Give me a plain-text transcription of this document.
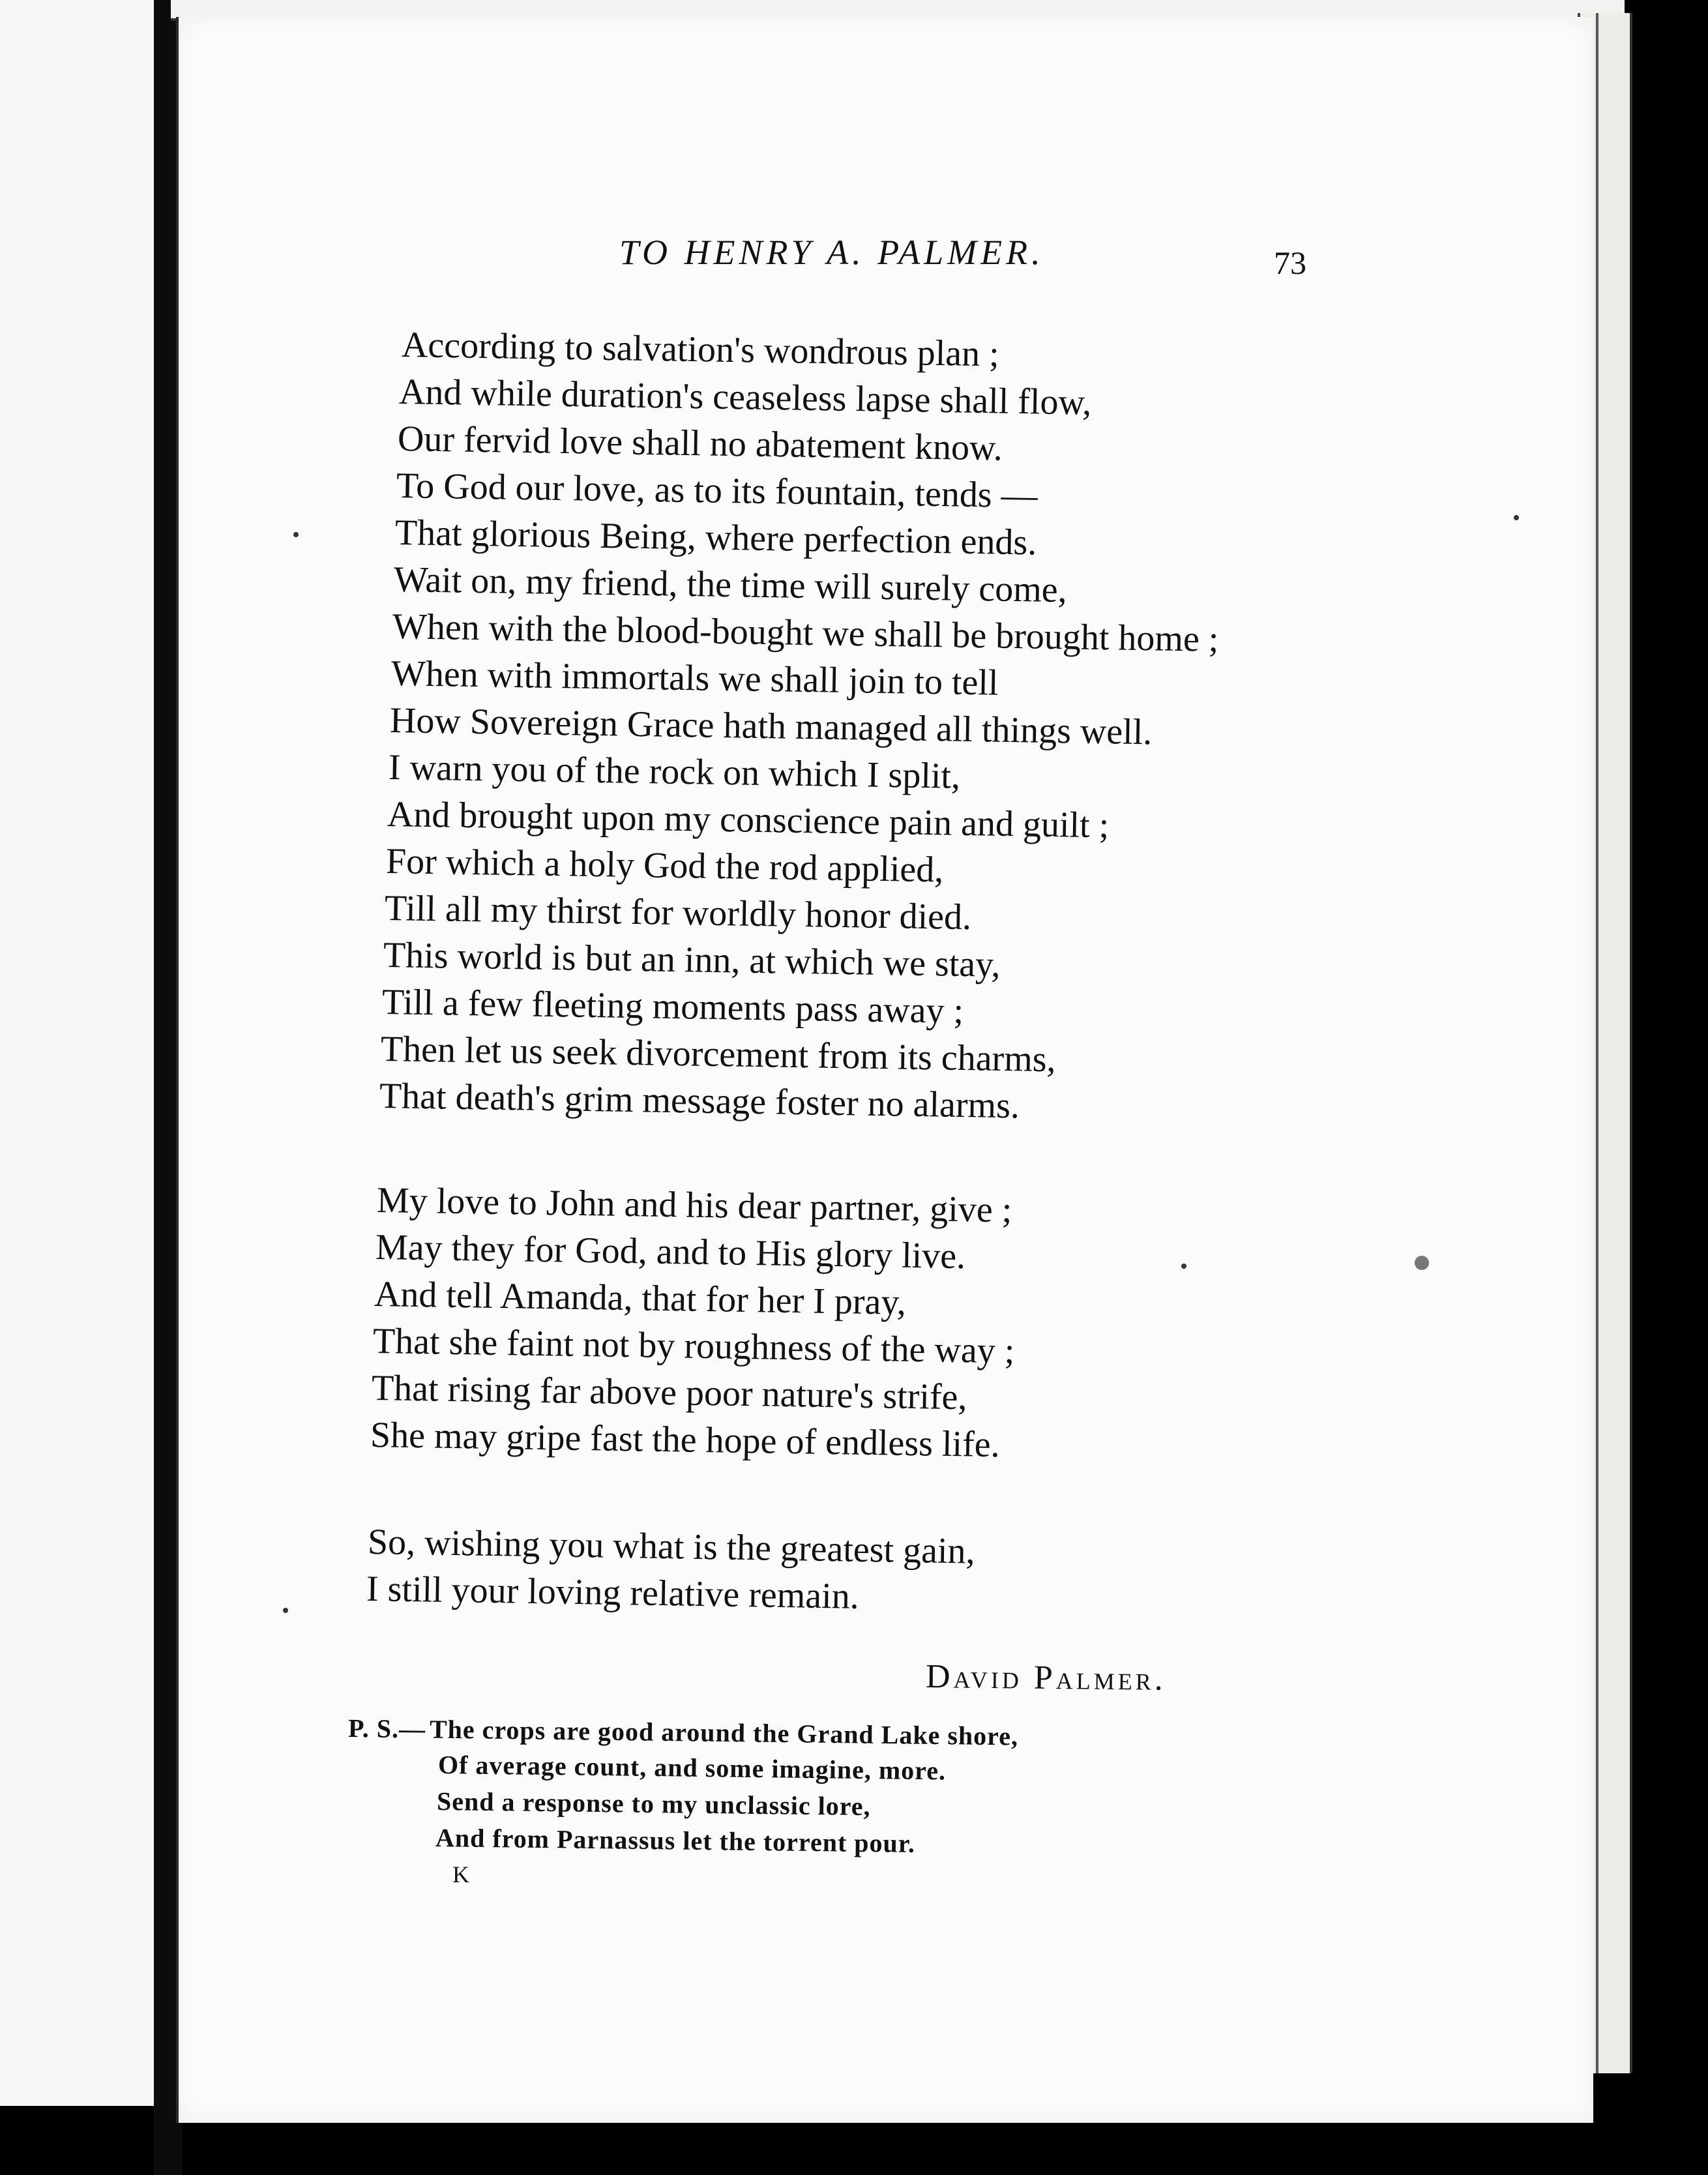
TO HENRY A. PALMER.	73
According to salvation's wondrous plan ;
And while duration's ceaseless lapse shall flow,
Our fervid love shall no abatement know.
To God our love, as to its fountain, tends —
That glorious Being, where perfection ends.
Wait on, my friend, the time will surely come,
When with the blood-bought we shall be brought home ;
When with immortals we shall join to tell
How Sovereign Grace hath managed all things well.
I warn you of the rock on which I split,
And brought upon my conscience pain and guilt ;
For which a holy God the rod applied,
Till all my thirst for worldly honor died.
This world is but an inn, at which we stay,
Till a few fleeting moments pass away ;
Then let us seek divorcement from its charms,
That death's grim message foster no alarms.
My love to John and his dear partner, give ;
May they for God, and to His glory live.
And tell Amanda, that for her I pray,
That she faint not by roughness of the way ;
That rising far above poor nature's strife,
She may gripe fast the hope of endless life.
So, wishing you what is the greatest gain,
I still your loving relative remain.
David Palmer.
P. S.— The crops are good around the Grand Lake shore,
Of average count, and some imagine, more.
Send a response to my unclassic lore,
And from Parnassus let the torrent pour.
K
